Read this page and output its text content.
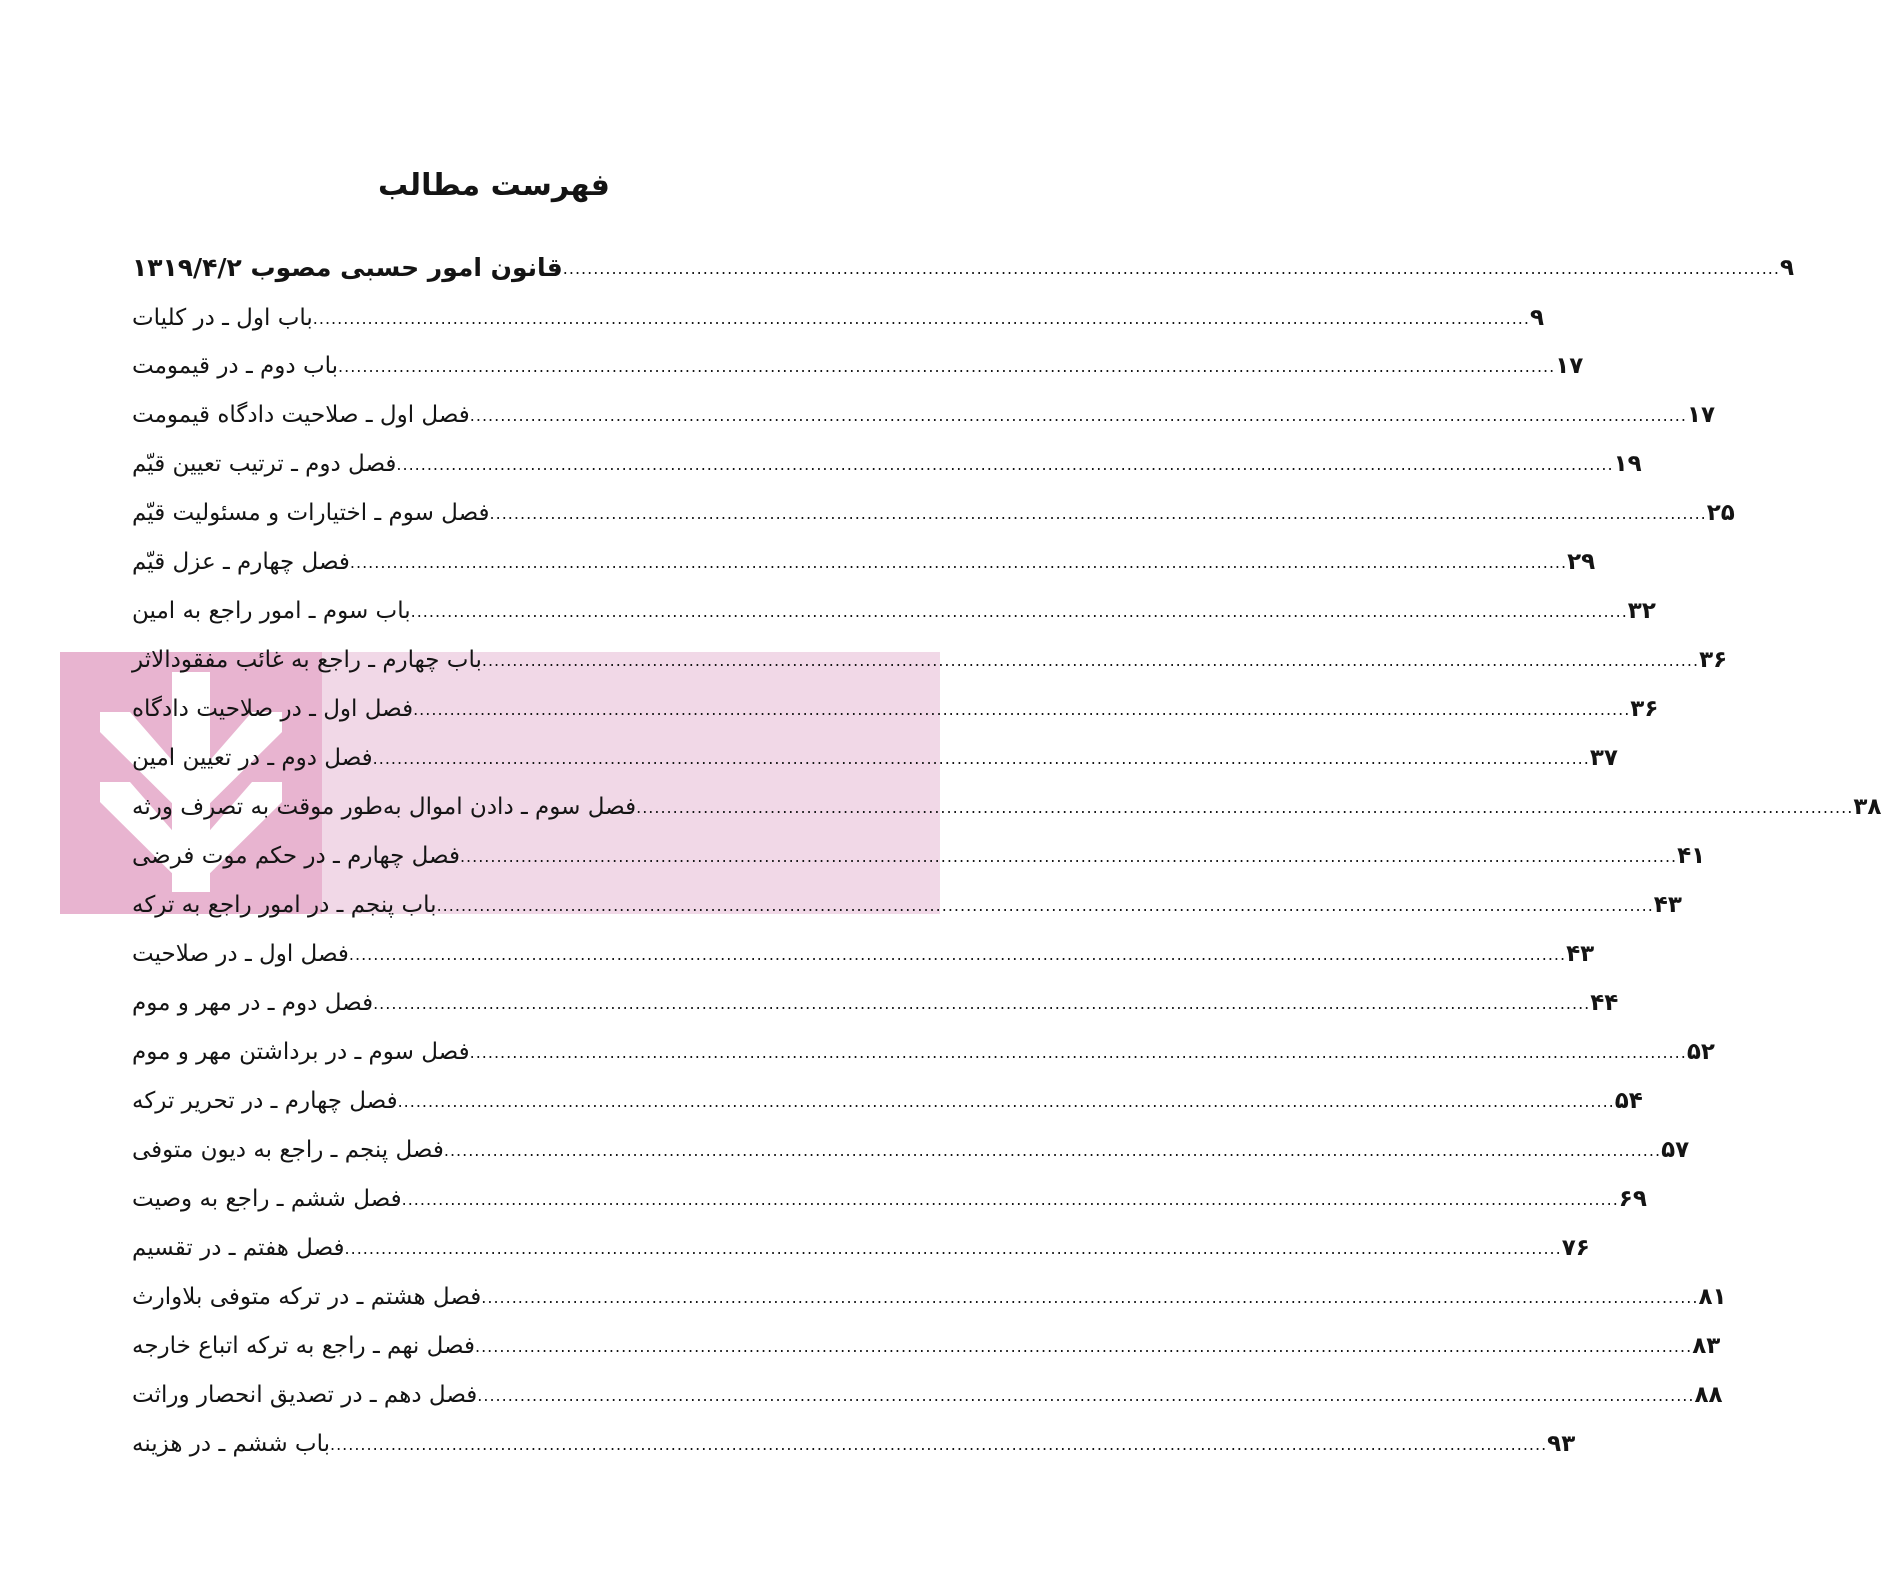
فهرست مطالب
قانون امور حسبی مصوب ۱۳۱۹/۴/۲ ........................................................................................................................................................................................................ ۹
باب اول ـ در کلیات ........................................................................................................................................................................................................ ۹
باب دوم ـ در قیمومت ........................................................................................................................................................................................................ ۱۷
فصل اول ـ صلاحیت دادگاه قیمومت ........................................................................................................................................................................................................ ۱۷
فصل دوم ـ ترتیب تعیین قیّم ........................................................................................................................................................................................................ ۱۹
فصل سوم ـ اختیارات و مسئولیت قیّم ........................................................................................................................................................................................................ ۲۵
فصل چهارم ـ عزل قیّم ........................................................................................................................................................................................................ ۲۹
باب سوم ـ امور راجع به امین ........................................................................................................................................................................................................ ۳۲
باب چهارم ـ راجع به غائب مفقودالاثر ........................................................................................................................................................................................................ ۳۶
فصل اول ـ در صلاحیت دادگاه ........................................................................................................................................................................................................ ۳۶
فصل دوم ـ در تعیین امین ........................................................................................................................................................................................................ ۳۷
فصل سوم ـ دادن اموال به‌طور موقت به تصرف ورثه ........................................................................................................................................................................................................ ۳۸
فصل چهارم ـ در حکم موت فرضی ........................................................................................................................................................................................................ ۴۱
باب پنجم ـ در امور راجع به ترکه ........................................................................................................................................................................................................ ۴۳
فصل اول ـ در صلاحیت ........................................................................................................................................................................................................ ۴۳
فصل دوم ـ در مهر و موم ........................................................................................................................................................................................................ ۴۴
فصل سوم ـ در برداشتن مهر و موم ........................................................................................................................................................................................................ ۵۲
فصل چهارم ـ در تحریر ترکه ........................................................................................................................................................................................................ ۵۴
فصل پنجم ـ راجع به دیون متوفی ........................................................................................................................................................................................................ ۵۷
فصل ششم ـ راجع به وصیت ........................................................................................................................................................................................................ ۶۹
فصل هفتم ـ در تقسیم ........................................................................................................................................................................................................ ۷۶
فصل هشتم ـ در ترکه متوفی بلاوارث ........................................................................................................................................................................................................ ۸۱
فصل نهم ـ راجع به ترکه اتباع خارجه ........................................................................................................................................................................................................ ۸۳
فصل دهم ـ در تصدیق انحصار وراثت ........................................................................................................................................................................................................ ۸۸
باب ششم ـ در هزینه ........................................................................................................................................................................................................ ۹۳
